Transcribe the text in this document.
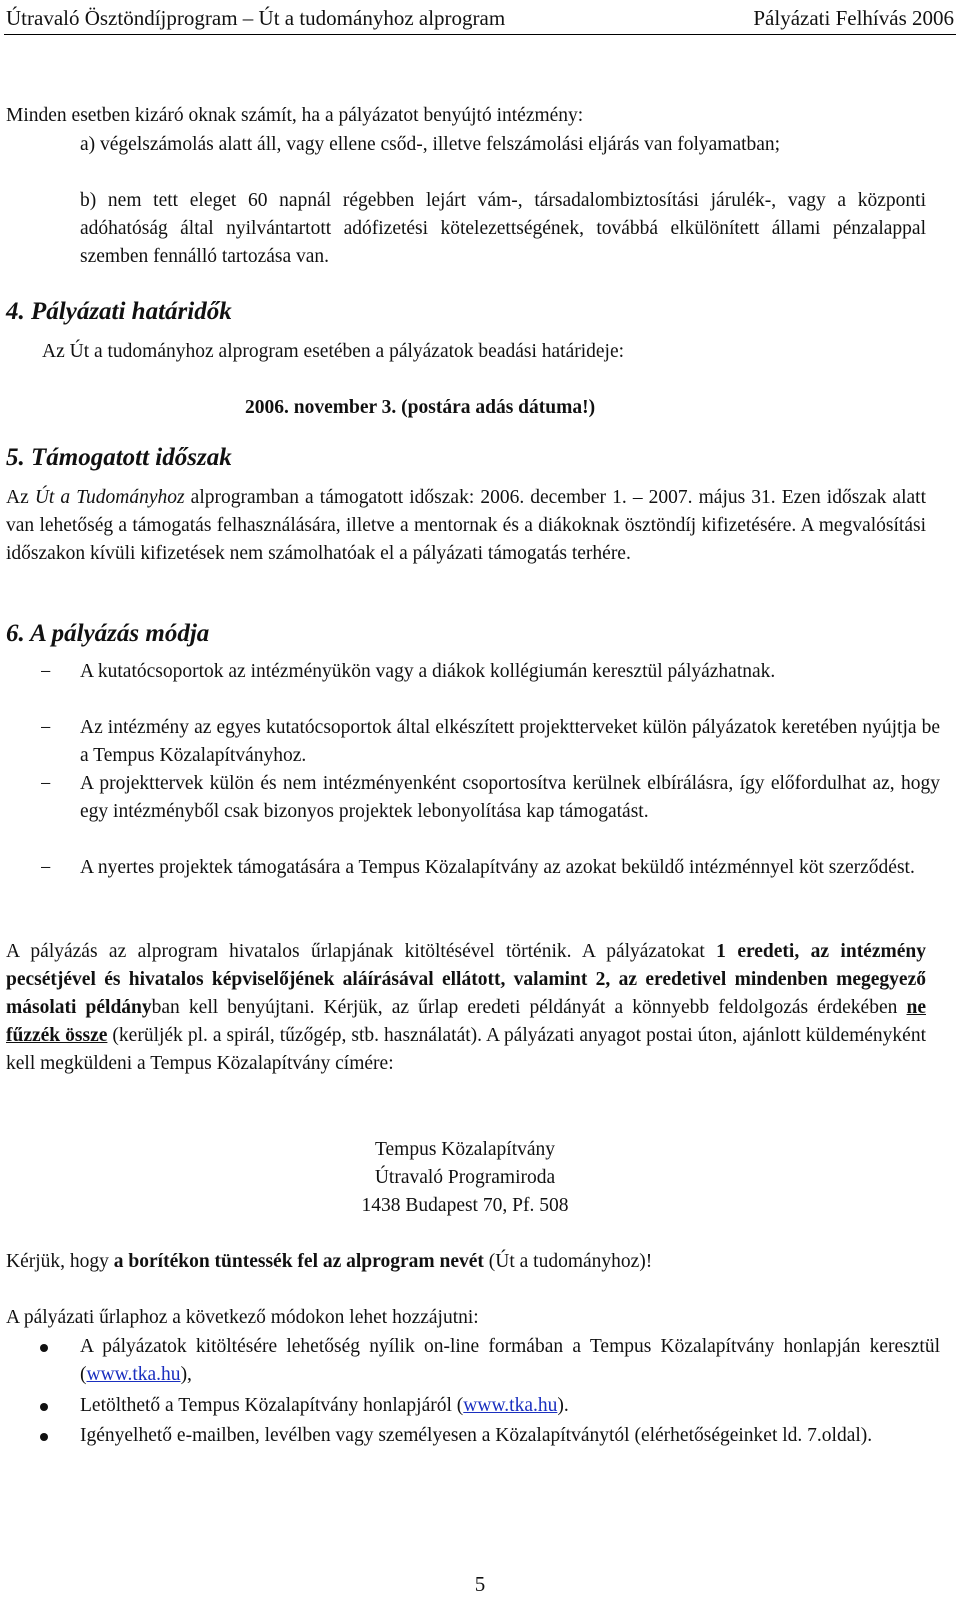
Útravaló Ösztöndíjprogram – Út a tudományhoz alprogram	Pályázati Felhívás 2006
Minden esetben kizáró oknak számít, ha a pályázatot benyújtó intézmény:
a) végelszámolás alatt áll, vagy ellene csőd-, illetve felszámolási eljárás van folyamatban;
b) nem tett eleget 60 napnál régebben lejárt vám-, társadalombiztosítási járulék-, vagy a központi adóhatóság által nyilvántartott adófizetési kötelezettségének, továbbá elkülönített állami pénzalappal szemben fennálló tartozása van.
4. Pályázati határidők
Az Út a tudományhoz alprogram esetében a pályázatok beadási határideje:
2006. november 3. (postára adás dátuma!)
5. Támogatott időszak
Az Út a Tudományhoz alprogramban a támogatott időszak: 2006. december 1. – 2007. május 31. Ezen időszak alatt van lehetőség a támogatás felhasználására, illetve a mentornak és a diákoknak ösztöndíj kifizetésére. A megvalósítási időszakon kívüli kifizetések nem számolhatóak el a pályázati támogatás terhére.
6. A pályázás módja
− A kutatócsoportok az intézményükön vagy a diákok kollégiumán keresztül pályázhatnak.
− Az intézmény az egyes kutatócsoportok által elkészített projektterveket külön pályázatok keretében nyújtja be a Tempus Közalapítványhoz.
− A projekttervek külön és nem intézményenként csoportosítva kerülnek elbírálásra, így előfordulhat az, hogy egy intézményből csak bizonyos projektek lebonyolítása kap támogatást.
− A nyertes projektek támogatására a Tempus Közalapítvány az azokat beküldő intézménnyel köt szerződést.
A pályázás az alprogram hivatalos űrlapjának kitöltésével történik. A pályázatokat 1 eredeti, az intézmény pecsétjével és hivatalos képviselőjének aláírásával ellátott, valamint 2, az eredetivel mindenben megegyező másolati példányban kell benyújtani. Kérjük, az űrlap eredeti példányát a könnyebb feldolgozás érdekében ne fűzzék össze (kerüljék pl. a spirál, tűzőgép, stb. használatát). A pályázati anyagot postai úton, ajánlott küldeményként kell megküldeni a Tempus Közalapítvány címére:
Tempus Közalapítvány
Útravaló Programiroda
1438 Budapest 70, Pf. 508
Kérjük, hogy a borítékon tüntessék fel az alprogram nevét (Út a tudományhoz)!
A pályázati űrlaphoz a következő módokon lehet hozzájutni:
A pályázatok kitöltésére lehetőség nyílik on-line formában a Tempus Közalapítvány honlapján keresztül (www.tka.hu),
Letölthető a Tempus Közalapítvány honlapjáról (www.tka.hu).
Igényelhető e-mailben, levélben vagy személyesen a Közalapítványtól (elérhetőségeinket ld. 7.oldal).
5
